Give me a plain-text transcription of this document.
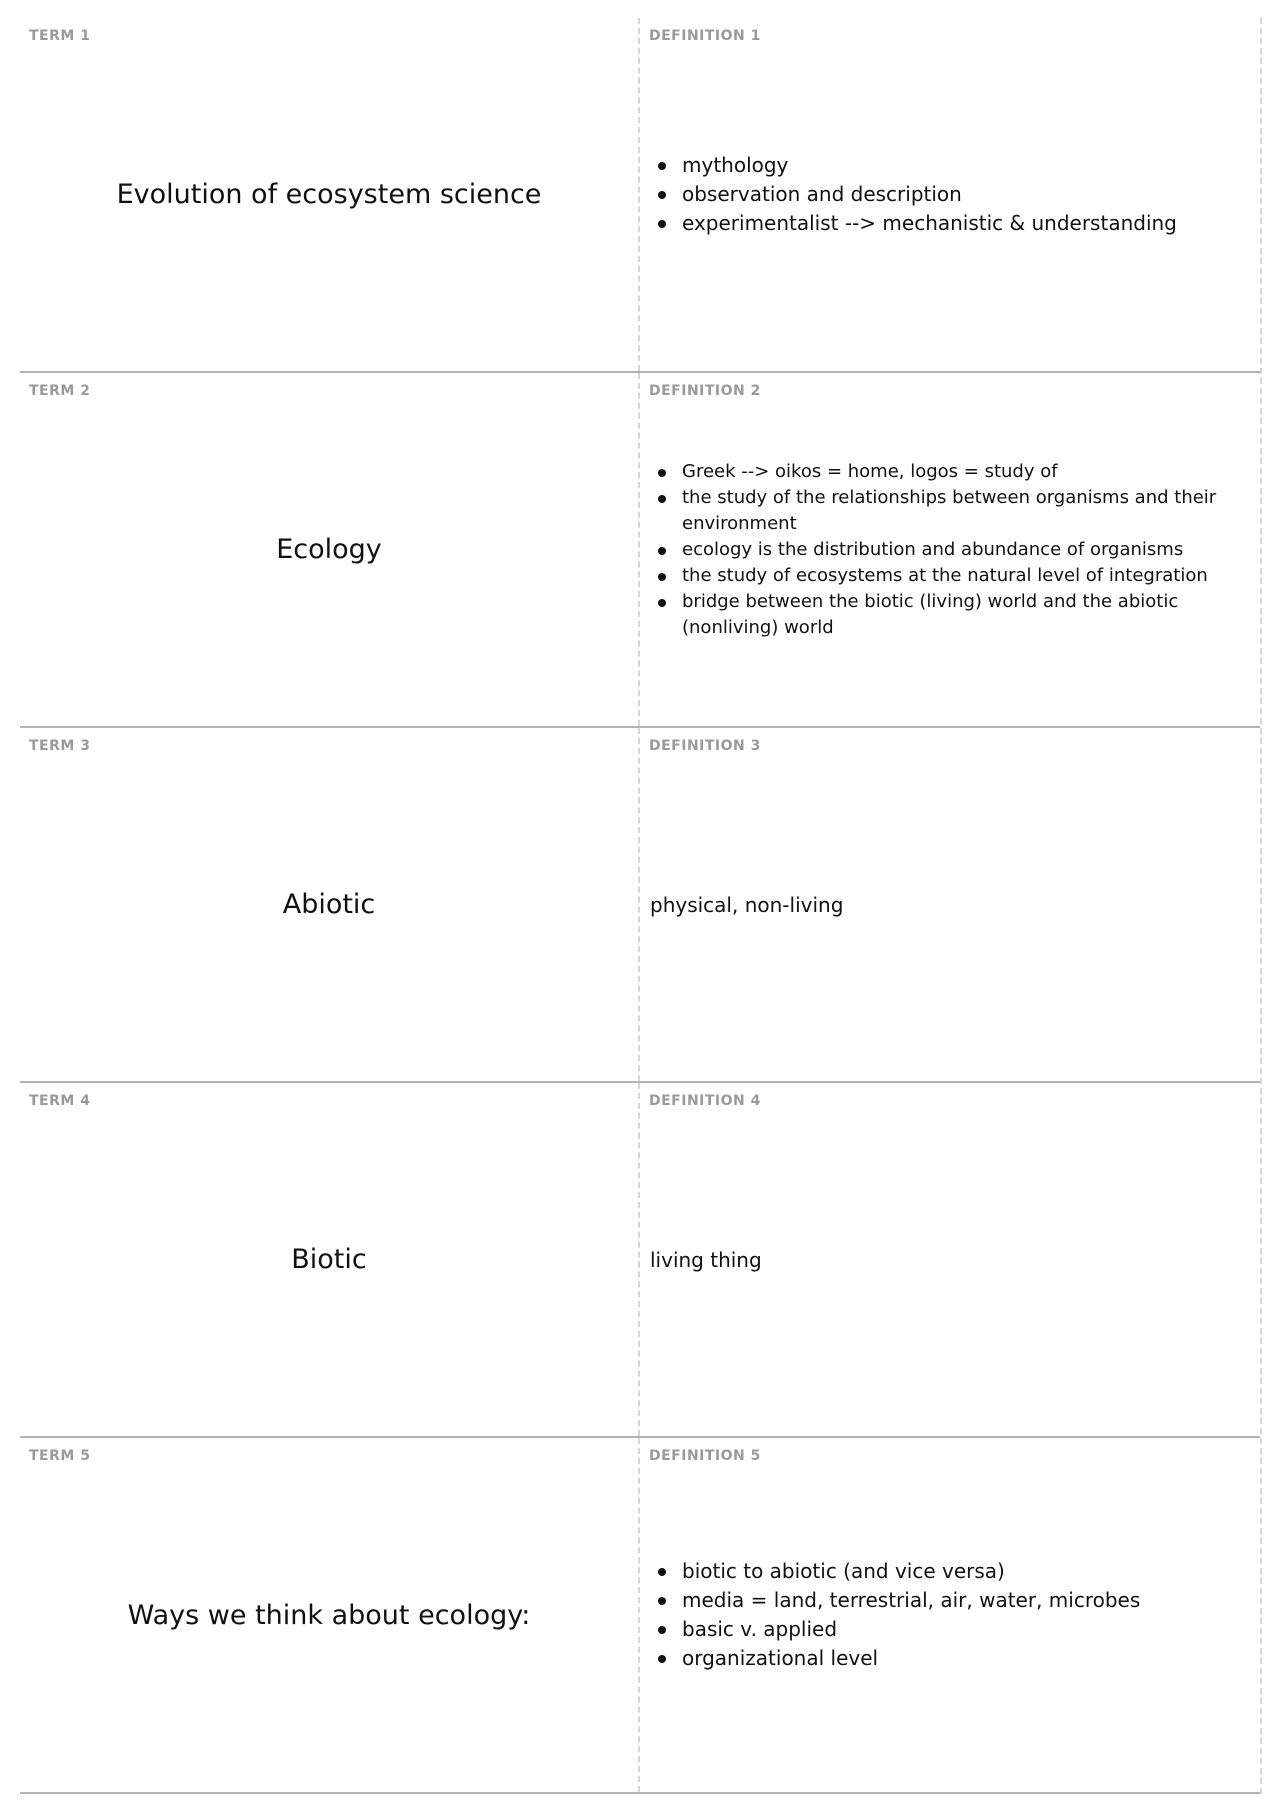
TERM 1
Evolution of ecosystem science
DEFINITION 1
mythology
observation and description
experimentalist --> mechanistic & understanding
TERM 2
Ecology
DEFINITION 2
Greek --> oikos = home, logos = study of
the study of the relationships between organisms and their environment
ecology is the distribution and abundance of organisms
the study of ecosystems at the natural level of integration
bridge between the biotic (living) world and the abiotic (nonliving) world
TERM 3
Abiotic
DEFINITION 3
physical, non-living
TERM 4
Biotic
DEFINITION 4
living thing
TERM 5
Ways we think about ecology:
DEFINITION 5
biotic to abiotic (and vice versa)
media = land, terrestrial, air, water, microbes
basic v. applied
organizational level
